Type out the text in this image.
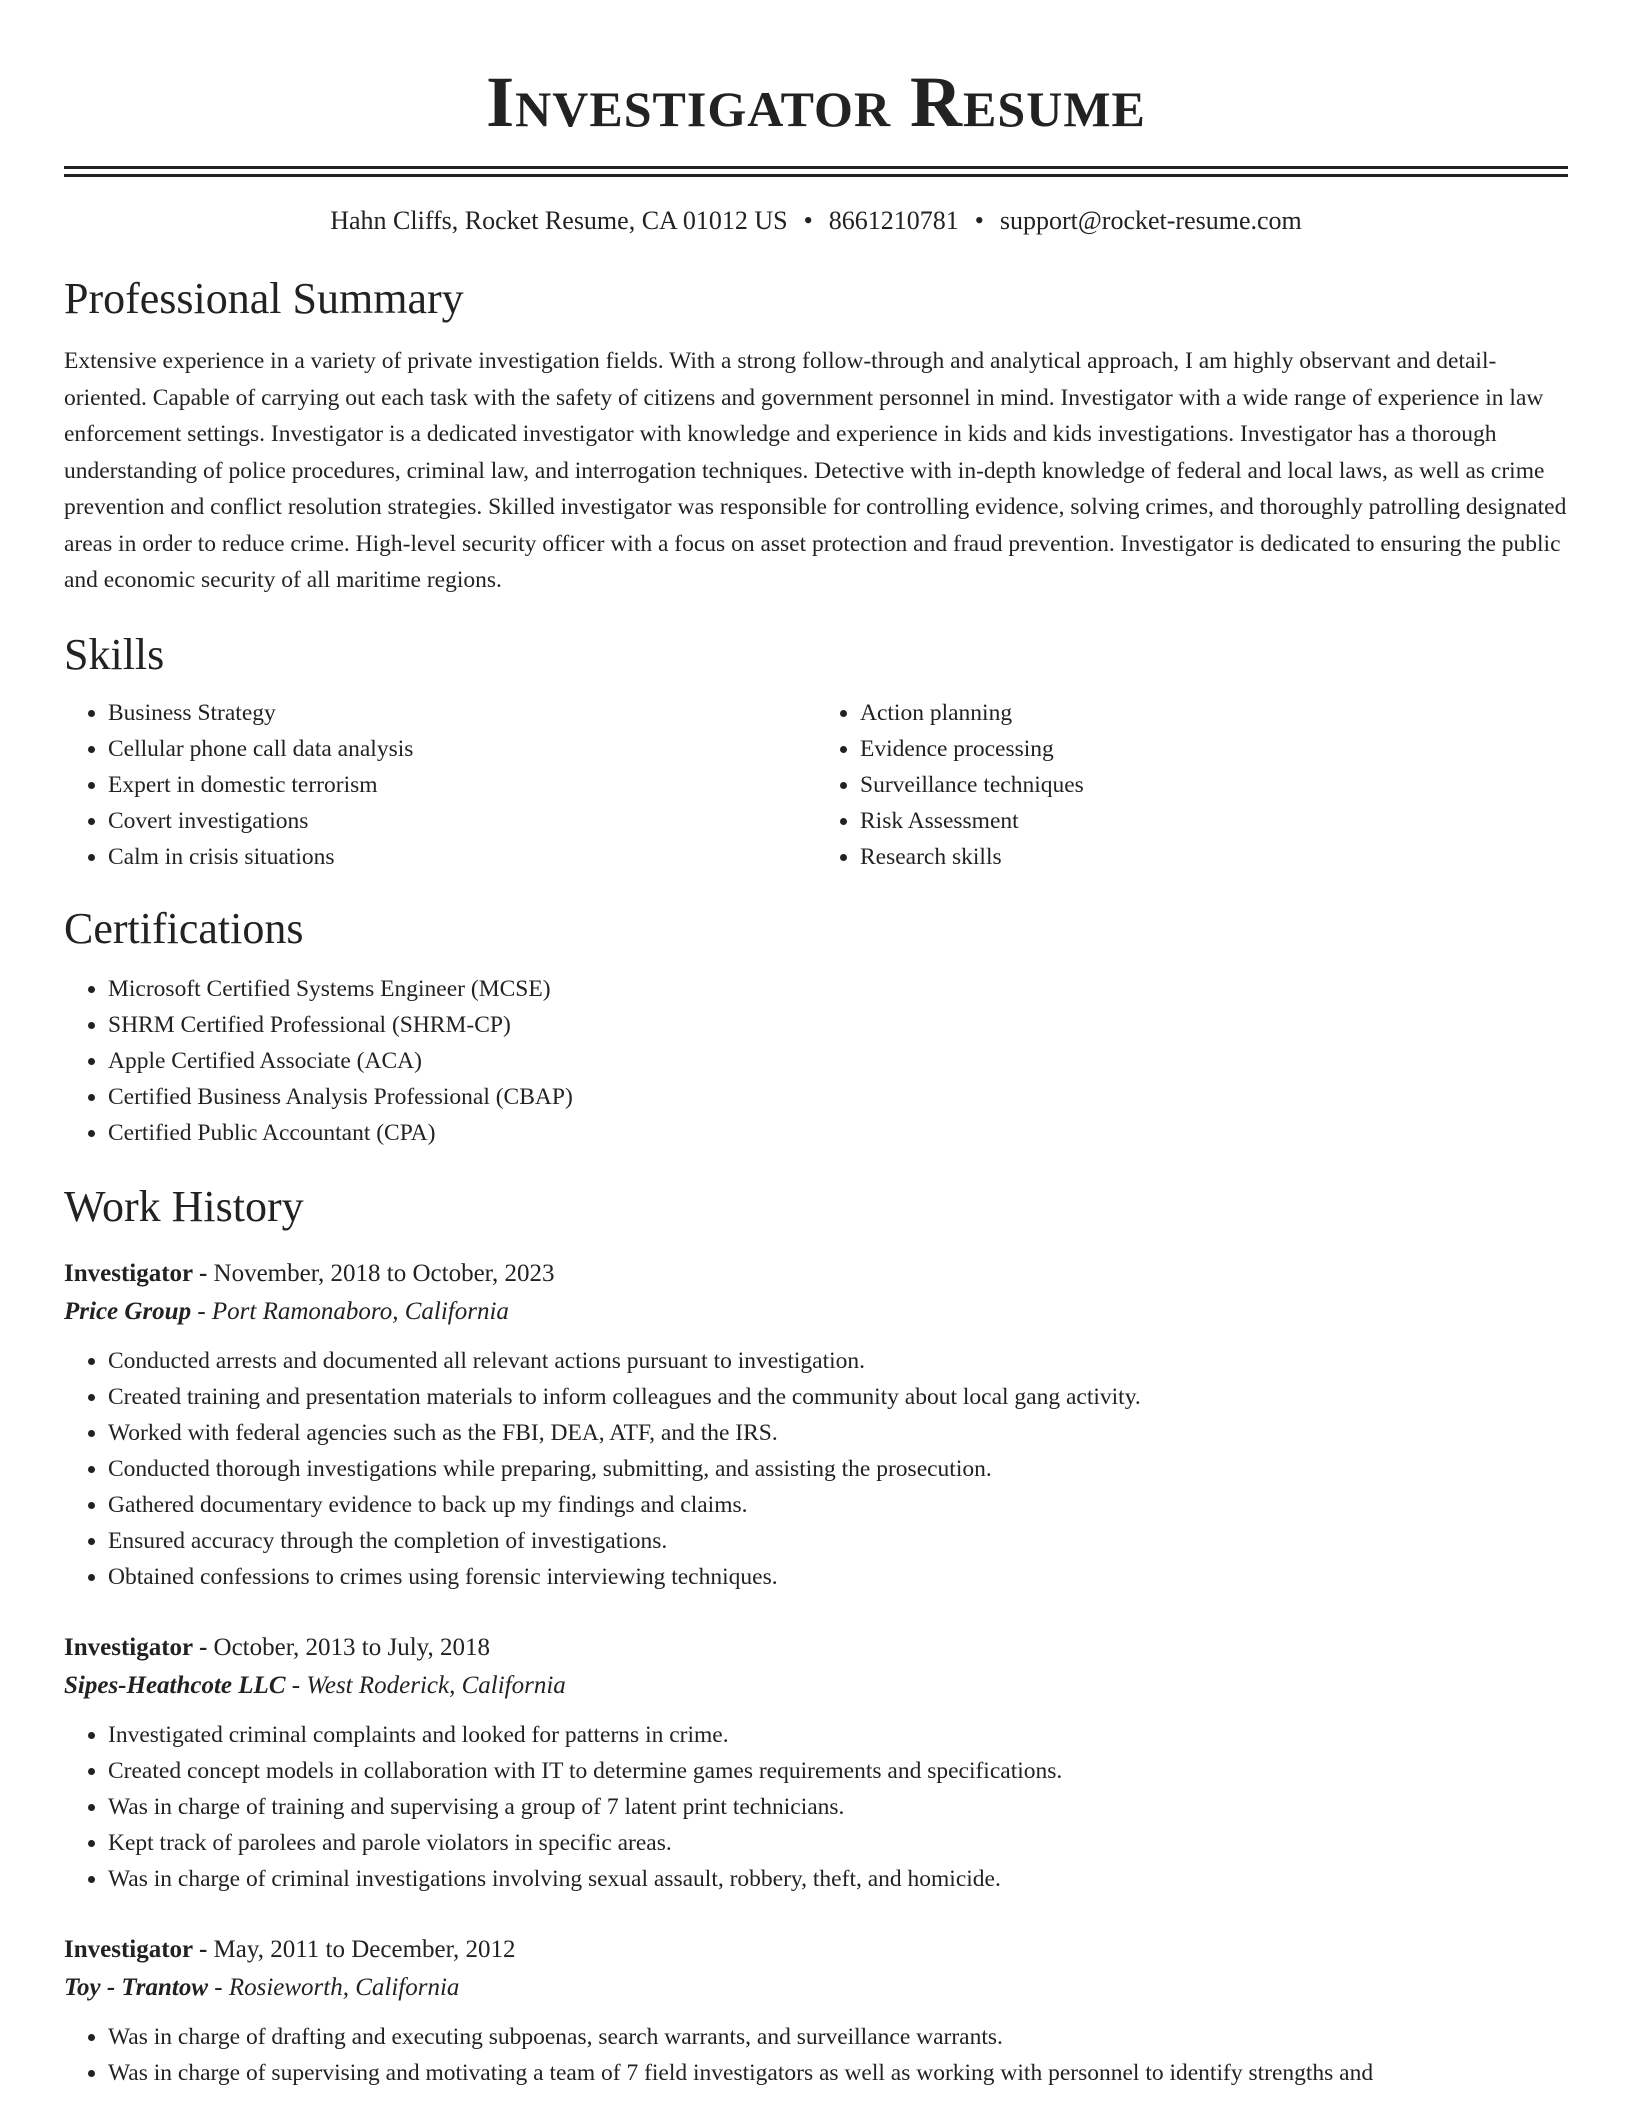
Investigator Resume
Hahn Cliffs, Rocket Resume, CA 01012 US • 8661210781 • support@rocket-resume.com
Professional Summary

Extensive experience in a variety of private investigation fields. With a strong follow-through and analytical approach, I am highly observant and detail-oriented. Capable of carrying out each task with the safety of citizens and government personnel in mind. Investigator with a wide range of experience in law enforcement settings. Investigator is a dedicated investigator with knowledge and experience in kids and kids investigations. Investigator has a thorough understanding of police procedures, criminal law, and interrogation techniques. Detective with in-depth knowledge of federal and local laws, as well as crime prevention and conflict resolution strategies. Skilled investigator was responsible for controlling evidence, solving crimes, and thoroughly patrolling designated areas in order to reduce crime. High-level security officer with a focus on asset protection and fraud prevention. Investigator is dedicated to ensuring the public and economic security of all maritime regions.

Skills
• Business Strategy
• Cellular phone call data analysis
• Expert in domestic terrorism
• Covert investigations
• Calm in crisis situations
• Action planning
• Evidence processing
• Surveillance techniques
• Risk Assessment
• Research skills
Certifications
• Microsoft Certified Systems Engineer (MCSE)
• SHRM Certified Professional (SHRM-CP)
• Apple Certified Associate (ACA)
• Certified Business Analysis Professional (CBAP)
• Certified Public Accountant (CPA)
Work History
Investigator - November, 2018 to October, 2023
Price Group - Port Ramonaboro, California
• Conducted arrests and documented all relevant actions pursuant to investigation.
• Created training and presentation materials to inform colleagues and the community about local gang activity.
• Worked with federal agencies such as the FBI, DEA, ATF, and the IRS.
• Conducted thorough investigations while preparing, submitting, and assisting the prosecution.
• Gathered documentary evidence to back up my findings and claims.
• Ensured accuracy through the completion of investigations.
• Obtained confessions to crimes using forensic interviewing techniques.
Investigator - October, 2013 to July, 2018
Sipes-Heathcote LLC - West Roderick, California
• Investigated criminal complaints and looked for patterns in crime.
• Created concept models in collaboration with IT to determine games requirements and specifications.
• Was in charge of training and supervising a group of 7 latent print technicians.
• Kept track of parolees and parole violators in specific areas.
• Was in charge of criminal investigations involving sexual assault, robbery, theft, and homicide.
Investigator - May, 2011 to December, 2012
Toy - Trantow - Rosieworth, California
• Was in charge of drafting and executing subpoenas, search warrants, and surveillance warrants.
• Was in charge of supervising and motivating a team of 7 field investigators as well as working with personnel to identify strengths and
